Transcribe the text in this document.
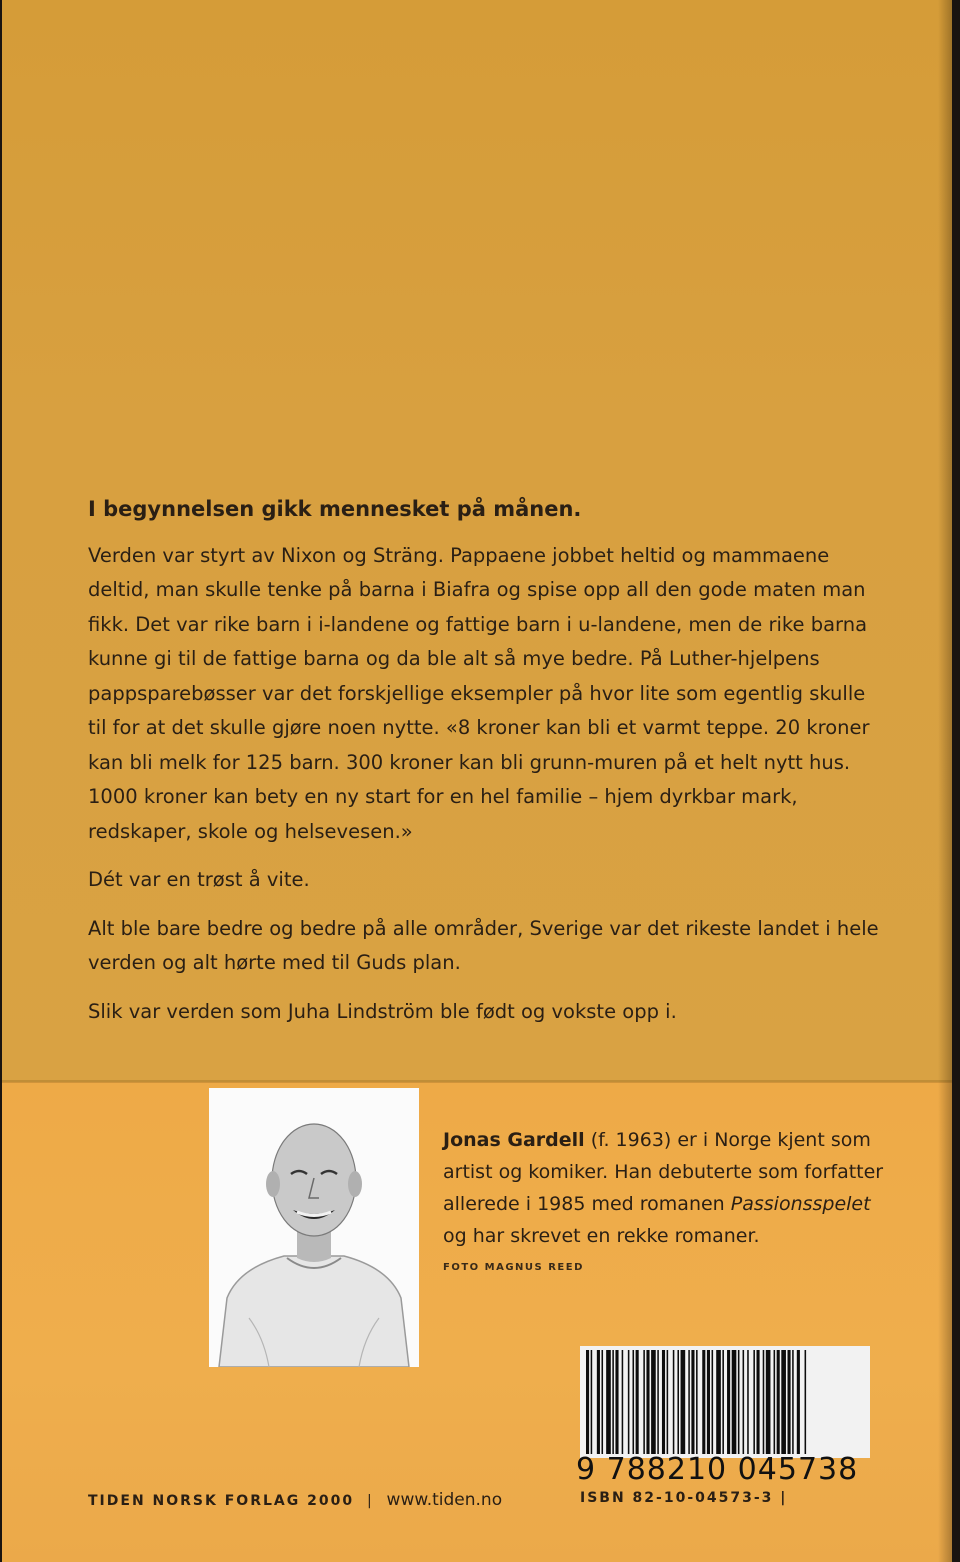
I begynnelsen gikk mennesket på månen.

Verden var styrt av Nixon og Sträng. Pappaene jobbet heltid og mammaene deltid, man skulle tenke på barna i Biafra og spise opp all den gode maten man fikk. Det var rike barn i i-landene og fattige barn i u-landene, men de rike barna kunne gi til de fattige barna og da ble alt så mye bedre. På Luther-hjelpens pappsparebøsser var det forskjellige eksempler på hvor lite som egentlig skulle til for at det skulle gjøre noen nytte. «8 kroner kan bli et varmt teppe. 20 kroner kan bli melk for 125 barn. 300 kroner kan bli grunn-muren på et helt nytt hus. 1000 kroner kan bety en ny start for en hel familie – hjem dyrkbar mark, redskaper, skole og helsevesen.»

Dét var en trøst å vite.

Alt ble bare bedre og bedre på alle områder, Sverige var det rikeste landet i hele verden og alt hørte med til Guds plan.

Slik var verden som Juha Lindström ble født og vokste opp i.

Jonas Gardell (f. 1963) er i Norge kjent som artist og komiker. Han debuterte som forfatter allerede i 1985 med romanen Passionsspelet og har skrevet en rekke romaner.
FOTO MAGNUS REED
9 788210 045738
TIDEN NORSK FORLAG 2000 | www.tiden.no	ISBN 82-10-04573-3 |
